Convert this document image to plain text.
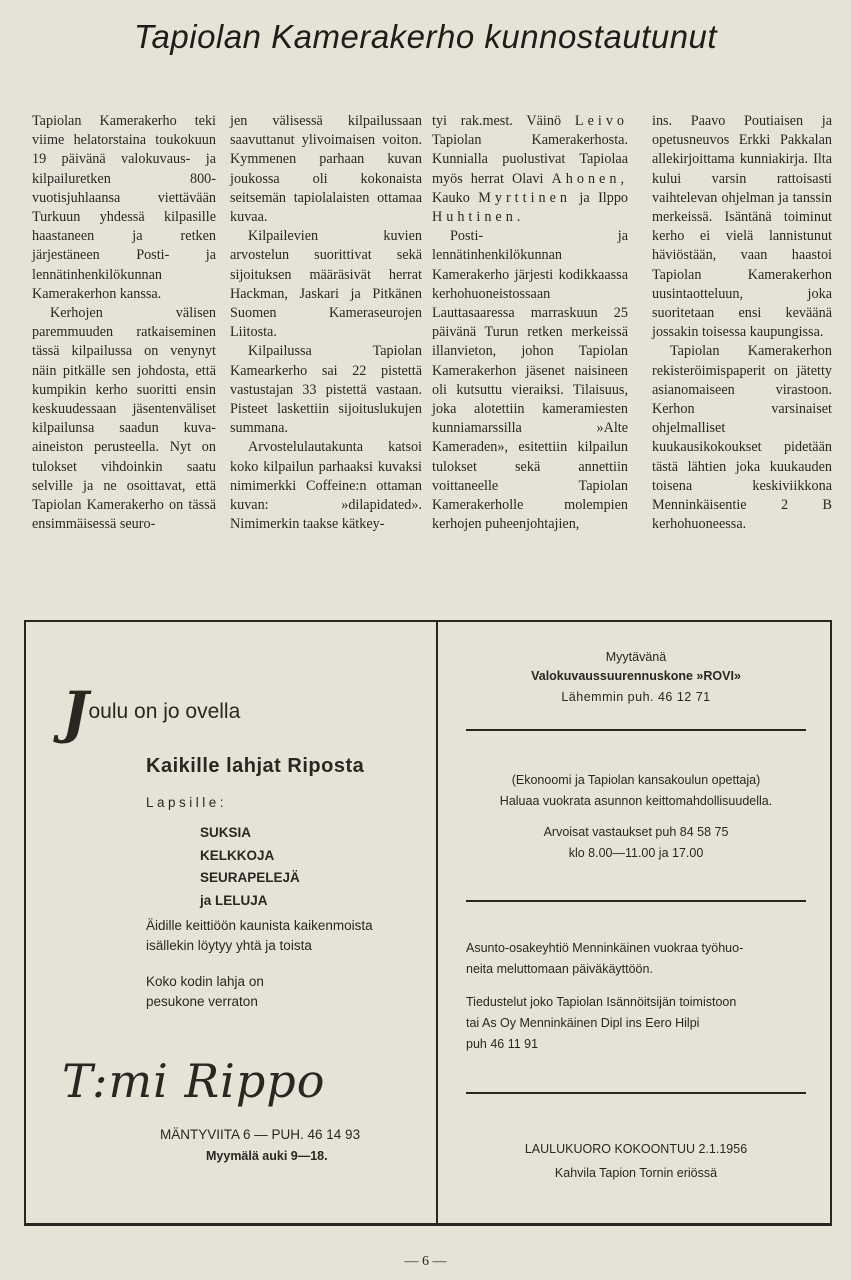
Tapiolan Kamerakerho kunnostautunut

Tapiolan Kamerakerho teki viime helatorstaina toukokuun 19 päivänä valokuvaus- ja kilpailuretken 800-vuotisjuhlaansa viettävään Turkuun yhdessä kilpasille haastaneen ja retken järjestäneen Posti- ja lennätinhenkilökunnan Kamerakerhon kanssa.

Kerhojen välisen paremmuuden ratkaiseminen tässä kilpailussa on venynyt näin pitkälle sen johdosta, että kumpikin kerho suoritti ensin keskuudessaan jäsentenväliset kilpailunsa saadun kuva-aineiston perusteella. Nyt on tulokset vihdoinkin saatu selville ja ne osoittavat, että Tapiolan Kamerakerho on tässä ensimmäisessä seuro-

jen välisessä kilpailussaan saavuttanut ylivoimaisen voiton. Kymmenen parhaan kuvan joukossa oli kokonaista seitsemän tapiolalaisten ottamaa kuvaa.

Kilpailevien kuvien arvostelun suorittivat sekä sijoituksen määräsivät herrat Hackman, Jaskari ja Pitkänen Suomen Kameraseurojen Liitosta.

Kilpailussa Tapiolan Kamearkerho sai 22 pistettä vastustajan 33 pistettä vastaan. Pisteet laskettiin sijoituslukujen summana.

Arvostelulautakunta katsoi koko kilpailun parhaaksi kuvaksi nimimerkki Coffeine:n ottaman kuvan: »dilapidated». Nimimerkin taakse kätkey-

tyi rak.mest. Väinö Leivo Tapiolan Kamerakerhosta. Kunnialla puolustivat Tapiolaa myös herrat Olavi Ahonen, Kauko Myrttinen ja Ilppo Huhtinen.

Posti- ja lennätinhenkilökunnan Kamerakerho järjesti kodikkaassa kerhohuoneistossaan Lauttasaaressa marraskuun 25 päivänä Turun retken merkeissä illanvieton, johon Tapiolan Kamerakerhon jäsenet naisineen oli kutsuttu vieraiksi. Tilaisuus, joka alotettiin kameramiesten kunniamarssilla »Alte Kameraden», esitettiin kilpailun tulokset sekä annettiin voittaneelle Tapiolan Kamerakerholle molempien kerhojen puheenjohtajien,

ins. Paavo Poutiaisen ja opetusneuvos Erkki Pakkalan allekirjoittama kunniakirja. Ilta kului varsin rattoisasti vaihtelevan ohjelman ja tanssin merkeissä. Isäntänä toiminut kerho ei vielä lannistunut häviöstään, vaan haastoi Tapiolan Kamerakerhon uusintaotteluun, joka suoritetaan ensi keväänä jossakin toisessa kaupungissa.

Tapiolan Kamerakerhon rekisteröimispaperit on jätetty asianomaiseen virastoon. Kerhon varsinaiset ohjelmalliset kuukausikokoukset pidetään tästä lähtien joka kuukauden toisena keskiviikkona Menninkäisentie 2 B kerhohuoneessa.

Joulu on jo ovella
Kaikille lahjat Riposta
Lapsille:
SUKSIA
KELKKOJA
SEURAPELEJÄ
ja LELUJA
Äidille keittiöön kaunista kaikenmoista
isällekin löytyy yhtä ja toista
Koko kodin lahja on
pesukone verraton
T:mi Rippo
MÄNTYVIITA 6 — PUH. 46 14 93
Myymälä auki 9—18.
Myytävänä
Valokuvaussuurennuskone »ROVI»
Lähemmin puh. 46 12 71
(Ekonoomi ja Tapiolan kansakoulun opettaja)
Haluaa vuokrata asunnon keittomahdollisuudella.
Arvoisat vastaukset puh 84 58 75
klo 8.00—11.00 ja 17.00
Asunto-osakeyhtiö Menninkäinen vuokraa työhuo-
neita meluttomaan päiväkäyttöön.
Tiedustelut joko Tapiolan Isännöitsijän toimistoon
tai As Oy Menninkäinen Dipl ins Eero Hilpi
puh 46 11 91
LAULUKUORO KOKOONTUU 2.1.1956
Kahvila Tapion Tornin eriössä
— 6 —
